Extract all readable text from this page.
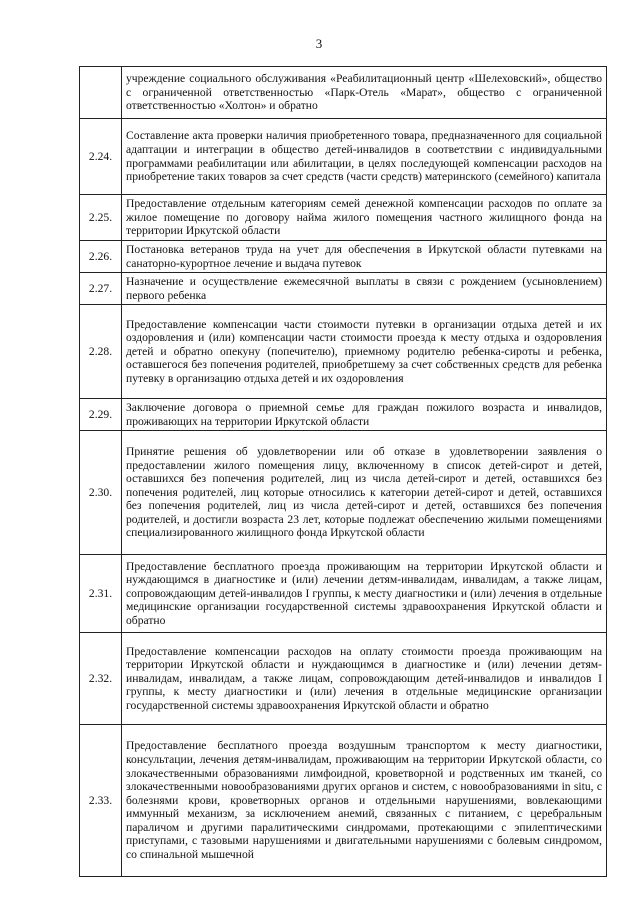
3
	учреждение социального обслуживания «Реабилитационный центр «Шелеховский», общество с ограниченной ответственностью «Парк-Отель «Марат», общество с ограниченной ответственностью «Холтон» и обратно
2.24.	Составление акта проверки наличия приобретенного товара, предназначенного для социальной адаптации и интеграции в общество детей-инвалидов в соответствии с индивидуальными программами реабилитации или абилитации, в целях последующей компенсации расходов на приобретение таких товаров за счет средств (части средств) материнского (семейного) капитала
2.25.	Предоставление отдельным категориям семей денежной компенсации расходов по оплате за жилое помещение по договору найма жилого помещения частного жилищного фонда на территории Иркутской области
2.26.	Постановка ветеранов труда на учет для обеспечения в Иркутской области путевками на санаторно-курортное лечение и выдача путевок
2.27.	Назначение и осуществление ежемесячной выплаты в связи с рождением (усыновлением) первого ребенка
2.28.	Предоставление компенсации части стоимости путевки в организации отдыха детей и их оздоровления и (или) компенсации части стоимости проезда к месту отдыха и оздоровления детей и обратно опекуну (попечителю), приемному родителю ребенка-сироты и ребенка, оставшегося без попечения родителей, приобретшему за счет собственных средств для ребенка путевку в организацию отдыха детей и их оздоровления
2.29.	Заключение договора о приемной семье для граждан пожилого возраста и инвалидов, проживающих на территории Иркутской области
2.30.	Принятие решения об удовлетворении или об отказе в удовлетворении заявления о предоставлении жилого помещения лицу, включенному в список детей-сирот и детей, оставшихся без попечения родителей, лиц из числа детей-сирот и детей, оставшихся без попечения родителей, лиц которые относились к категории детей-сирот и детей, оставшихся без попечения родителей, лиц из числа детей-сирот и детей, оставшихся без попечения родителей, и достигли возраста 23 лет, которые подлежат обеспечению жилыми помещениями специализированного жилищного фонда Иркутской области
2.31.	Предоставление бесплатного проезда проживающим на территории Иркутской области и нуждающимся в диагностике и (или) лечении детям-инвалидам, инвалидам, а также лицам, сопровождающим детей-инвалидов I группы, к месту диагностики и (или) лечения в отдельные медицинские организации государственной системы здравоохранения Иркутской области и обратно
2.32.	Предоставление компенсации расходов на оплату стоимости проезда проживающим на территории Иркутской области и нуждающимся в диагностике и (или) лечении детям-инвалидам, инвалидам, а также лицам, сопровождающим детей-инвалидов и инвалидов I группы, к месту диагностики и (или) лечения в отдельные медицинские организации государственной системы здравоохранения Иркутской области и обратно
2.33.	Предоставление бесплатного проезда воздушным транспортом к месту диагностики, консультации, лечения детям-инвалидам, проживающим на территории Иркутской области, со злокачественными образованиями лимфоидной, кроветворной и родственных им тканей, со злокачественными новообразованиями других органов и систем, с новообразованиями in situ, с болезнями крови, кроветворных органов и отдельными нарушениями, вовлекающими иммунный механизм, за исключением анемий, связанных с питанием, с церебральным параличом и другими паралитическими синдромами, протекающими с эпилептическими приступами, с тазовыми нарушениями и двигательными нарушениями с болевым синдромом, со спинальной мышечной
